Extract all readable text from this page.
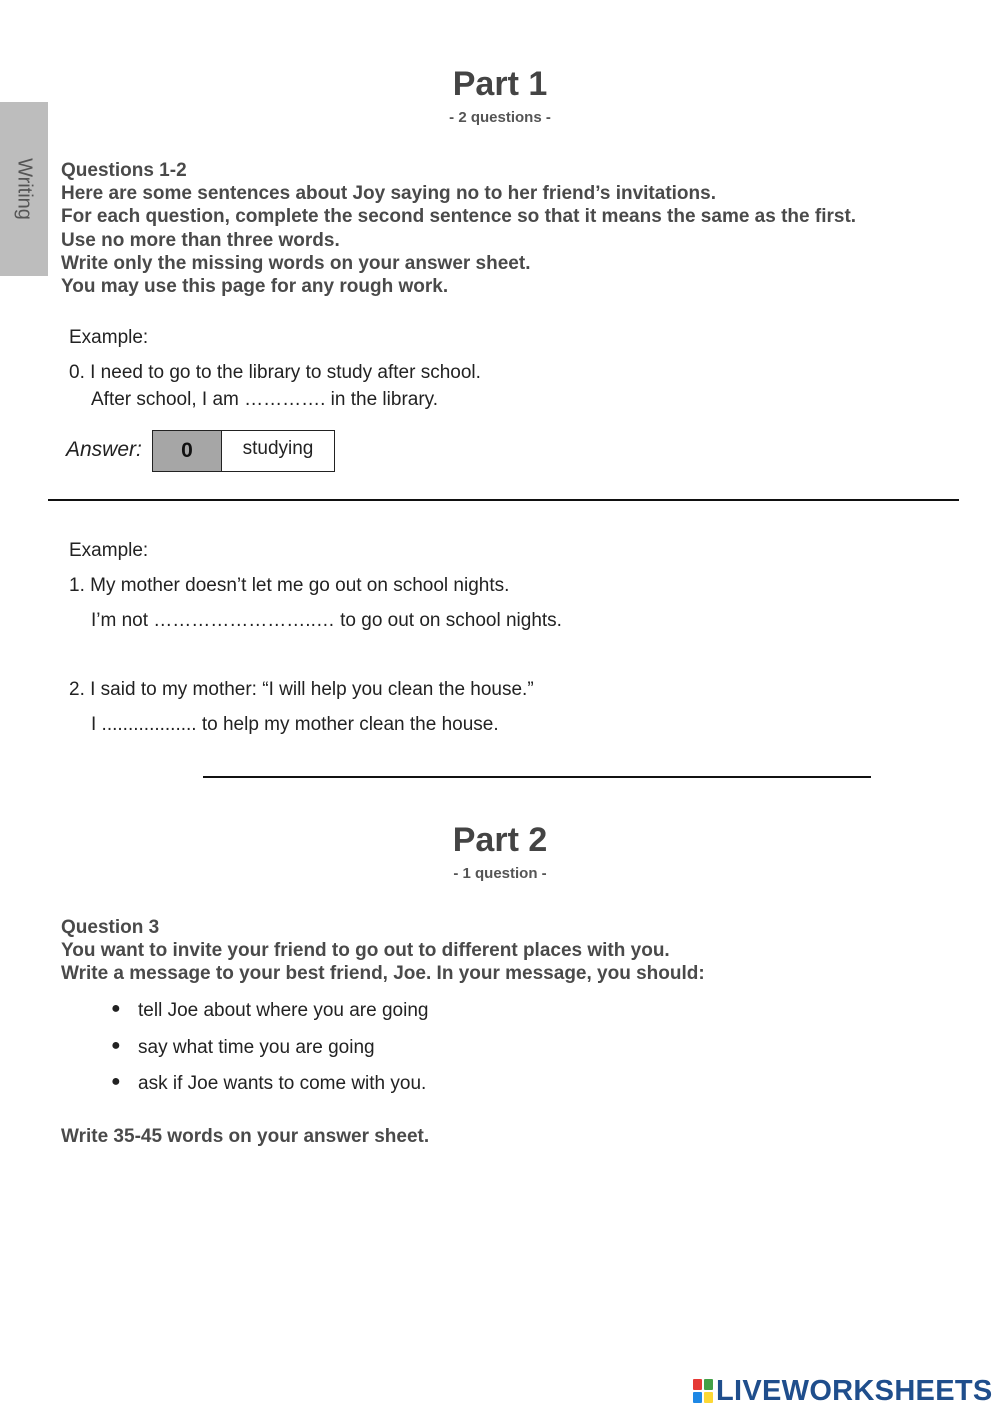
Writing
Part 1
- 2 questions -
Questions 1-2
Here are some sentences about Joy saying no to her friend’s invitations.
For each question, complete the second sentence so that it means the same as the first.
Use no more than three words.
Write only the missing words on your answer sheet.
You may use this page for any rough work.
Example:
0. I need to go to the library to study after school.
After school, I am …………. in the library.
Answer:	0	studying
Example:
1. My mother doesn’t let me go out on school nights.
I’m not ……………………..… to go out on school nights.
2. I said to my mother: “I will help you clean the house.”
I .................. to help my mother clean the house.
Part 2
- 1 question -
Question 3
You want to invite your friend to go out to different places with you.
Write a message to your best friend, Joe. In your message, you should:
● tell Joe about where you are going
● say what time you are going
● ask if Joe wants to come with you.
Write 35-45 words on your answer sheet.
LIVEWORKSHEETS
